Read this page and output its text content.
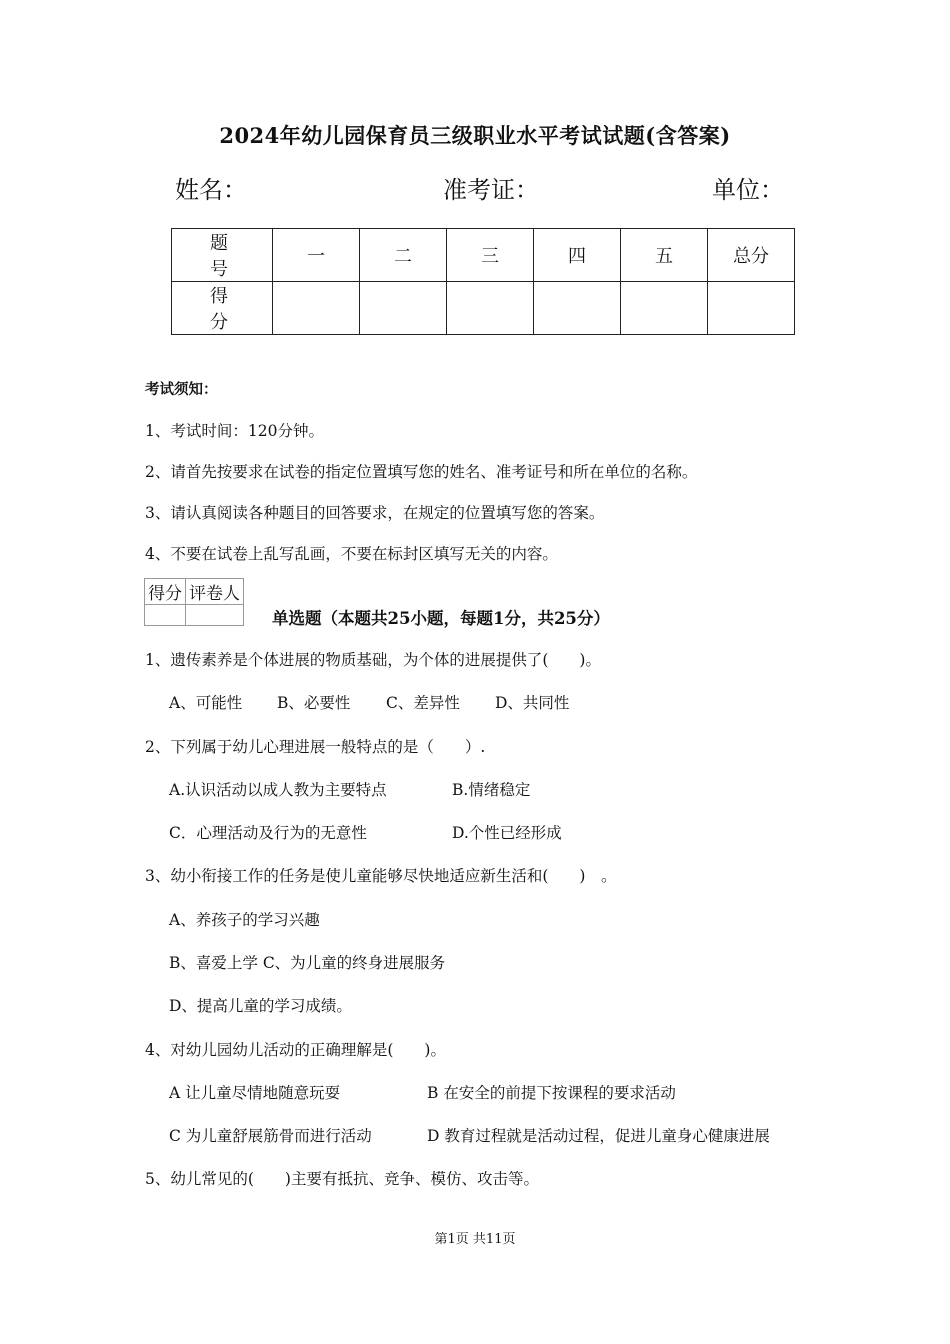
2024年幼儿园保育员三级职业水平考试试题(含答案)
姓名：	准考证：	单位：
题　号	一	二	三	四	五	总分
得　分						
考试须知：
1、考试时间：120分钟。
2、请首先按要求在试卷的指定位置填写您的姓名、准考证号和所在单位的名称。
3、请认真阅读各种题目的回答要求，在规定的位置填写您的答案。
4、不要在试卷上乱写乱画，不要在标封区填写无关的内容。
得分	评卷人

单选题（本题共25小题，每题1分，共25分）
1、遗传素养是个体进展的物质基础，为个体的进展提供了(　　)。
A、可能性 B、必要性 C、差异性 D、共同性
2、下列属于幼儿心理进展一般特点的是（　　）.
A.认识活动以成人教为主要特点	B.情绪稳定
C．心理活动及行为的无意性	D.个性已经形成
3、幼小衔接工作的任务是使儿童能够尽快地适应新生活和(　　)　。
A、养孩子的学习兴趣
B、喜爱上学 C、为儿童的终身进展服务
D、提高儿童的学习成绩。
4、对幼儿园幼儿活动的正确理解是(　　)。
A 让儿童尽情地随意玩耍	B 在安全的前提下按课程的要求活动
C 为儿童舒展筋骨而进行活动	D 教育过程就是活动过程，促进儿童身心健康进展
5、幼儿常见的(　　)主要有抵抗、竞争、模仿、攻击等。
第1页 共11页
